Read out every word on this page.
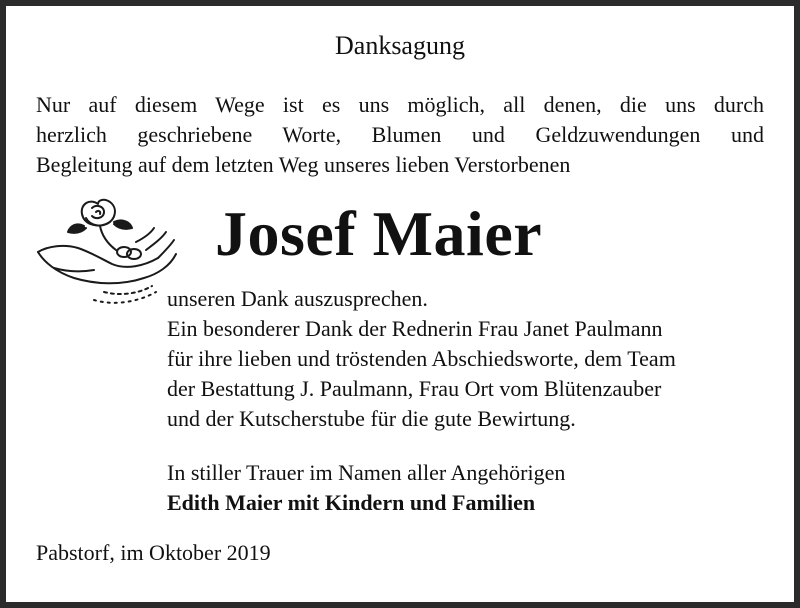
Danksagung
Nur auf diesem Wege ist es uns möglich, all denen, die uns durch
herzlich geschriebene Worte, Blumen und Geldzuwendungen und
Begleitung auf dem letzten Weg unseres lieben Verstorbenen
Josef Maier
unseren Dank auszusprechen.
Ein besonderer Dank der Rednerin Frau Janet Paulmann
für ihre lieben und tröstenden Abschiedsworte, dem Team
der Bestattung J. Paulmann, Frau Ort vom Blütenzauber
und der Kutscherstube für die gute Bewirtung.
In stiller Trauer im Namen aller Angehörigen
Edith Maier mit Kindern und Familien
Pabstorf, im Oktober 2019
